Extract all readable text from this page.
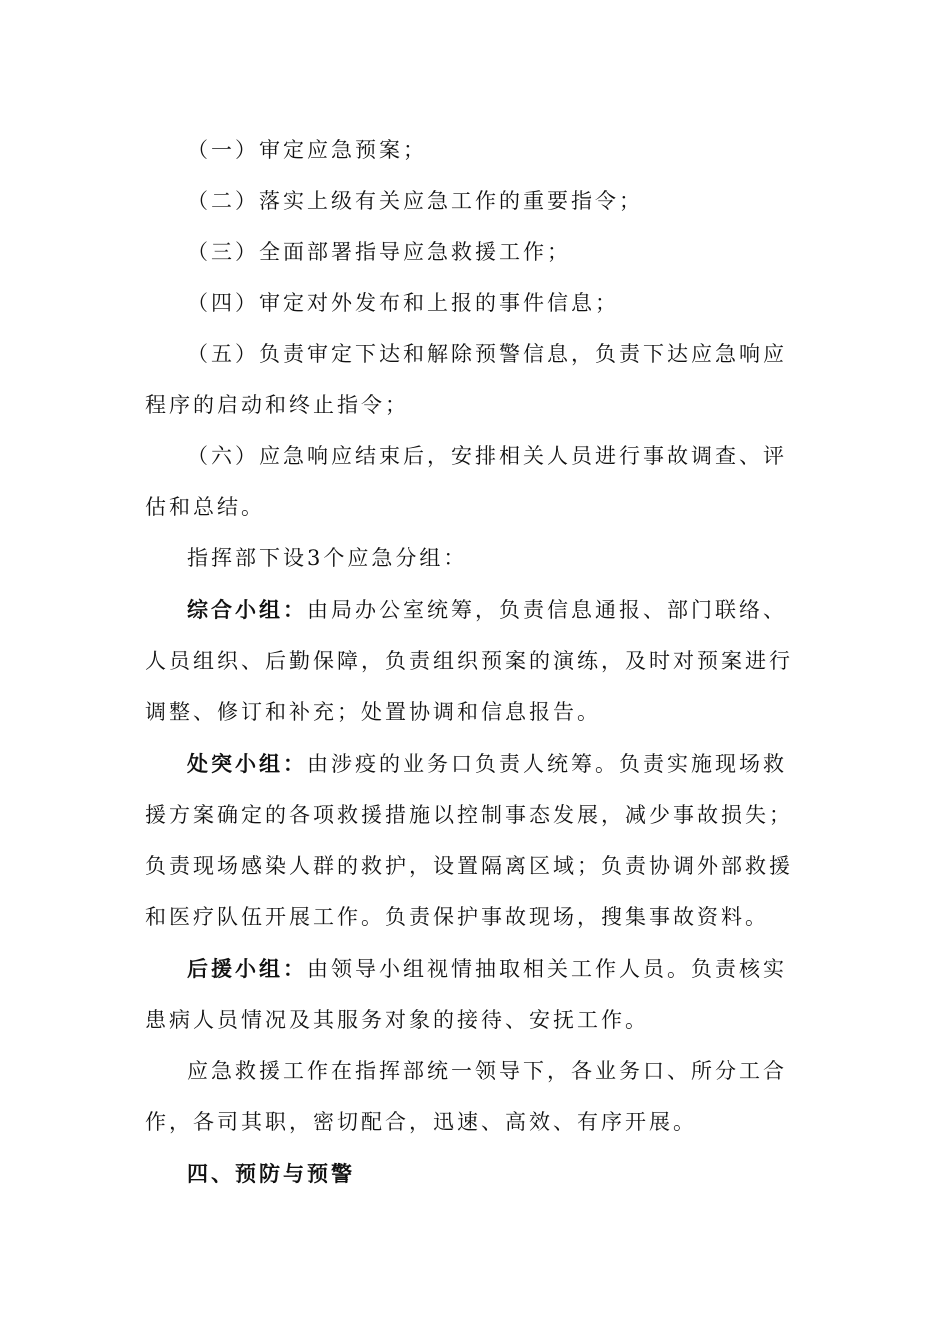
（一）审定应急预案；

（二）落实上级有关应急工作的重要指令；

（三）全面部署指导应急救援工作；

（四）审定对外发布和上报的事件信息；

（五）负责审定下达和解除预警信息，负责下达应急响应程序的启动和终止指令；

（六）应急响应结束后，安排相关人员进行事故调查、评估和总结。

指挥部下设3个应急分组：

综合小组：由局办公室统筹，负责信息通报、部门联络、人员组织、后勤保障，负责组织预案的演练，及时对预案进行调整、修订和补充；处置协调和信息报告。

处突小组：由涉疫的业务口负责人统筹。负责实施现场救援方案确定的各项救援措施以控制事态发展，减少事故损失；负责现场感染人群的救护，设置隔离区域；负责协调外部救援和医疗队伍开展工作。负责保护事故现场，搜集事故资料。

后援小组：由领导小组视情抽取相关工作人员。负责核实患病人员情况及其服务对象的接待、安抚工作。

应急救援工作在指挥部统一领导下，各业务口、所分工合作，各司其职，密切配合，迅速、高效、有序开展。

四、预防与预警
